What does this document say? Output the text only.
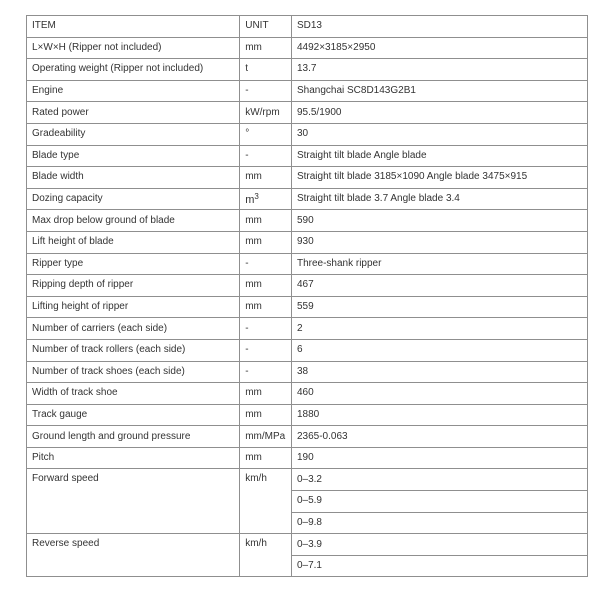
ITEM	UNIT	SD13
L×W×H (Ripper not included)	mm	4492×3185×2950
Operating weight (Ripper not included)	t	13.7
Engine	-	Shangchai SC8D143G2B1
Rated power	kW/rpm	95.5/1900
Gradeability	°	30
Blade type	-	Straight tilt blade Angle blade
Blade width	mm	Straight tilt blade 3185×1090 Angle blade 3475×915
Dozing capacity	$m^3$	Straight tilt blade 3.7 Angle blade 3.4
Max drop below ground of blade	mm	590
Lift height of blade	mm	930
Ripper type	-	Three-shank ripper
Ripping depth of ripper	mm	467
Lifting height of ripper	mm	559
Number of carriers (each side)	-	2
Number of track rollers (each side)	-	6
Number of track shoes (each side)	-	38
Width of track shoe	mm	460
Track gauge	mm	1880
Ground length and ground pressure	mm/MPa	2365-0.063
Pitch	mm	190
Forward speed	km/h	0–3.2
		0–5.9
		0–9.8
Reverse speed	km/h	0–3.9
		0–7.1
